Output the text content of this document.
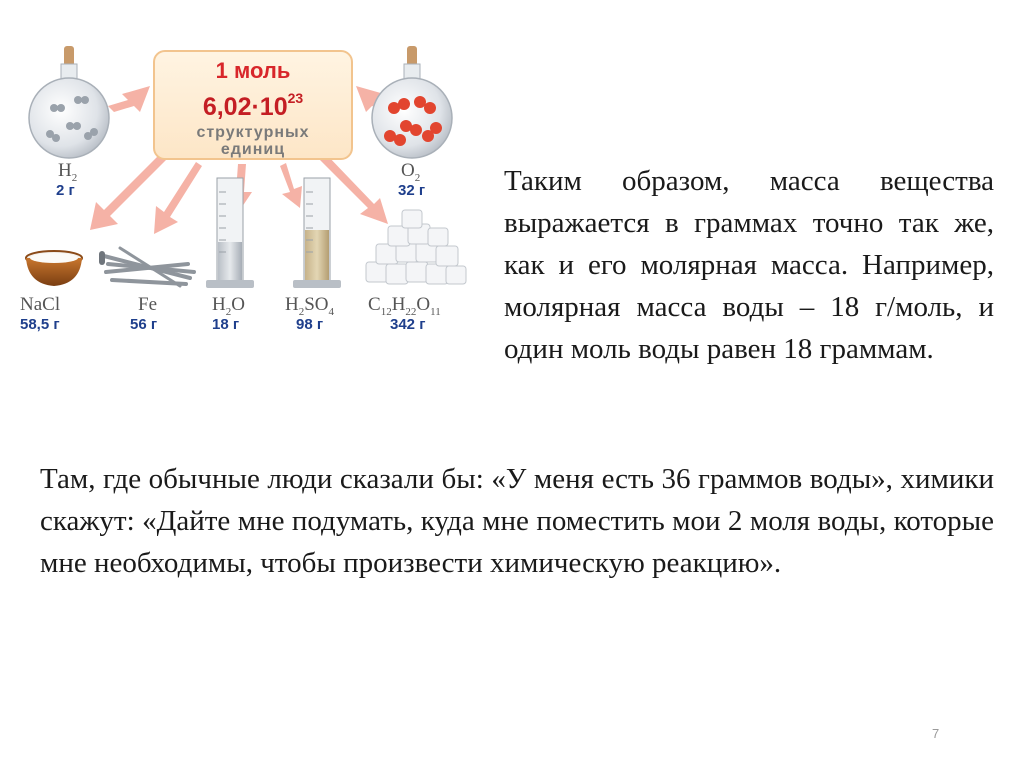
1 моль
$6,02\cdot 10^{23}$
структурных
единиц
$H_2$
2 г
$O_2$
32 г
NaCl
58,5 г
Fe
56 г
$H_2O$
18 г
$H_2SO_4$
98 г
$C_{12}H_{22}O_{11}$
342 г

Таким образом, масса вещества выражается в граммах точно так же, как и его молярная масса. Например, молярная масса воды – 18 г/моль, и один моль воды равен 18 граммам.

Там, где обычные люди сказали бы: «У меня есть 36 граммов воды», химики скажут: «Дайте мне подумать, куда мне поместить мои 2 моля воды, которые мне необходимы, чтобы произвести химическую реакцию».

7
